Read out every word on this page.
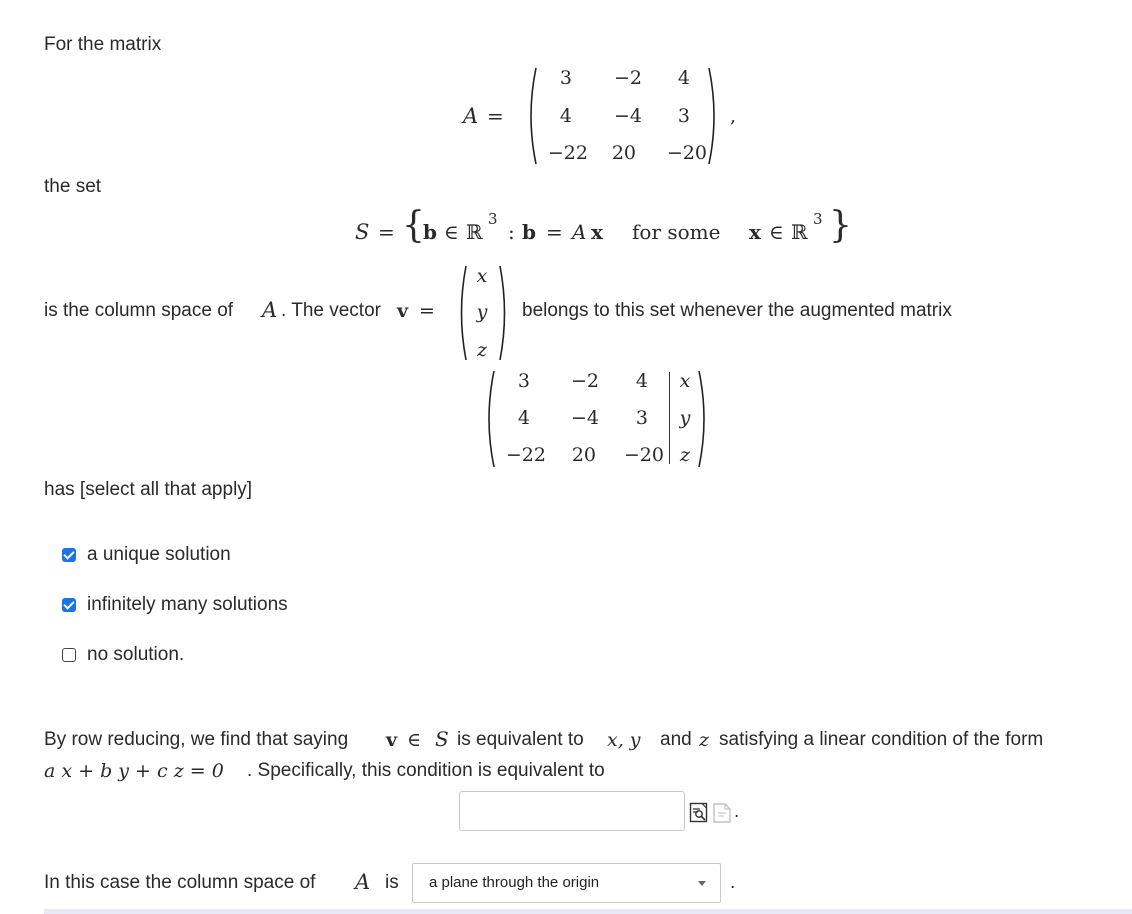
For the matrix
A =
3	−2	4
4	−4	3
−22	20	−20
,
the set
S = {
b ∈ ℝ
3
: b = A x for some x ∈ ℝ
3 }
is the column space of A . The vector v =
x
y
z
belongs to this set whenever the augmented matrix
3	−2	4 x
4	−4	3 y
−22	20	−20 z
has [select all that apply]
a unique solution
infinitely many solutions
no solution.
By row reducing, we find that saying v ∈ S is equivalent to x, y and z satisfying a linear condition of the form
a x + b y + c z = 0 . Specifically, this condition is equivalent to
.
In this case the column space of A is	a plane through the origin	.
